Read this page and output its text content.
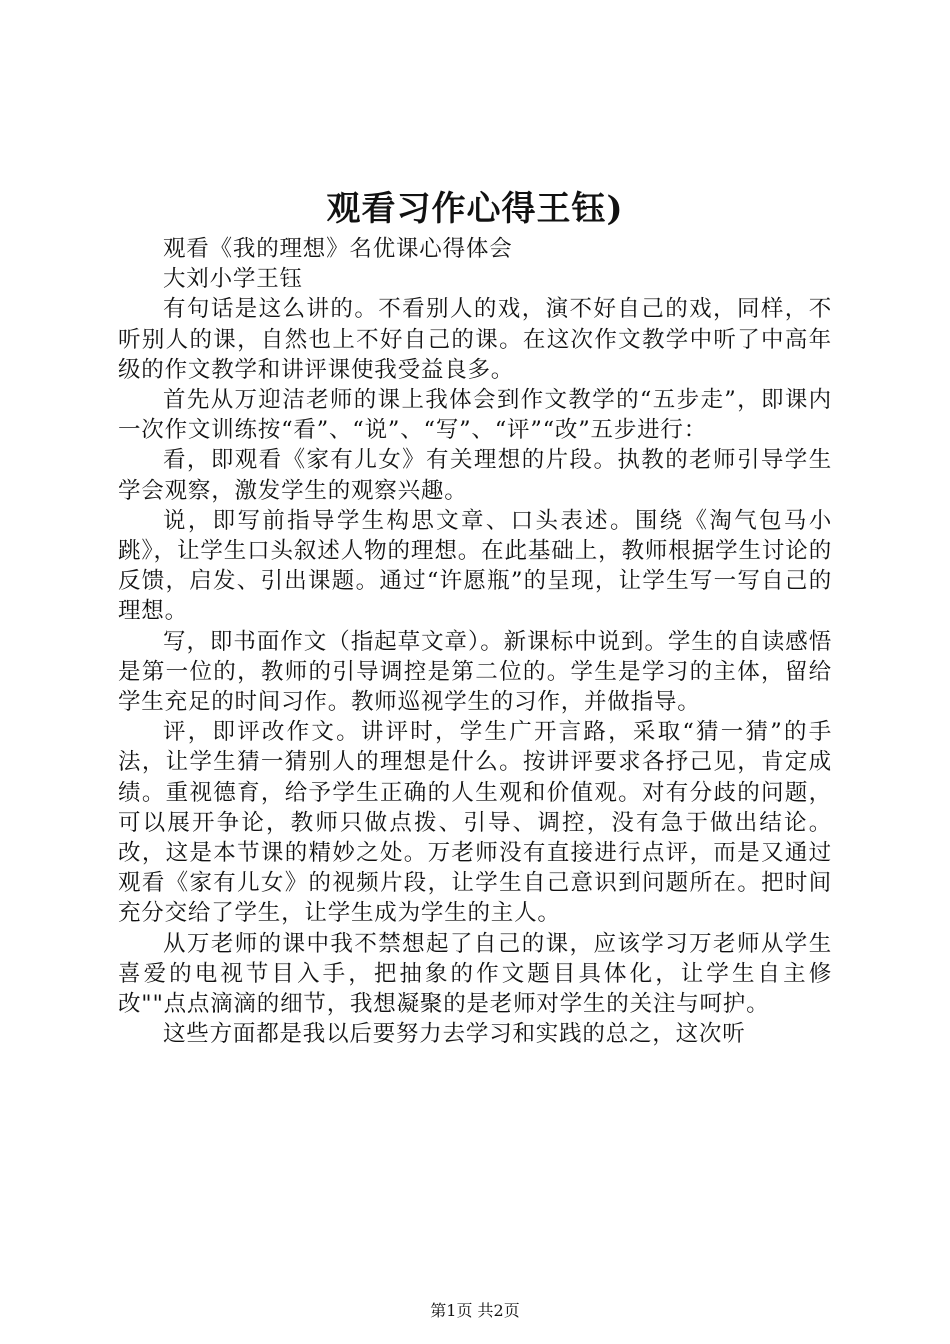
观看习作心得王钰)

观看《我的理想》名优课心得体会

大刘小学王钰

有句话是这么讲的。不看别人的戏，演不好自己的戏，同样，不听别人的课，自然也上不好自己的课。在这次作文教学中听了中高年级的作文教学和讲评课使我受益良多。

首先从万迎洁老师的课上我体会到作文教学的“五步走”，即课内一次作文训练按“看”、“说”、“写”、“评”“改”五步进行：

看，即观看《家有儿女》有关理想的片段。执教的老师引导学生学会观察，激发学生的观察兴趣。

说，即写前指导学生构思文章、口头表述。围绕《淘气包马小跳》，让学生口头叙述人物的理想。在此基础上，教师根据学生讨论的反馈，启发、引出课题。通过“许愿瓶”的呈现，让学生写一写自己的理想。

写，即书面作文（指起草文章）。新课标中说到。学生的自读感悟是第一位的，教师的引导调控是第二位的。学生是学习的主体，留给学生充足的时间习作。教师巡视学生的习作，并做指导。

评，即评改作文。讲评时，学生广开言路，采取“猜一猜”的手法，让学生猜一猜别人的理想是什么。按讲评要求各抒己见，肯定成绩。重视德育，给予学生正确的人生观和价值观。对有分歧的问题，可以展开争论，教师只做点拨、引导、调控，没有急于做出结论。改，这是本节课的精妙之处。万老师没有直接进行点评，而是又通过观看《家有儿女》的视频片段，让学生自己意识到问题所在。把时间充分交给了学生，让学生成为学生的主人。

从万老师的课中我不禁想起了自己的课，应该学习万老师从学生喜爱的电视节目入手，把抽象的作文题目具体化，让学生自主修改""点点滴滴的细节，我想凝聚的是老师对学生的关注与呵护。

这些方面都是我以后要努力去学习和实践的总之，这次听

第1页 共2页
